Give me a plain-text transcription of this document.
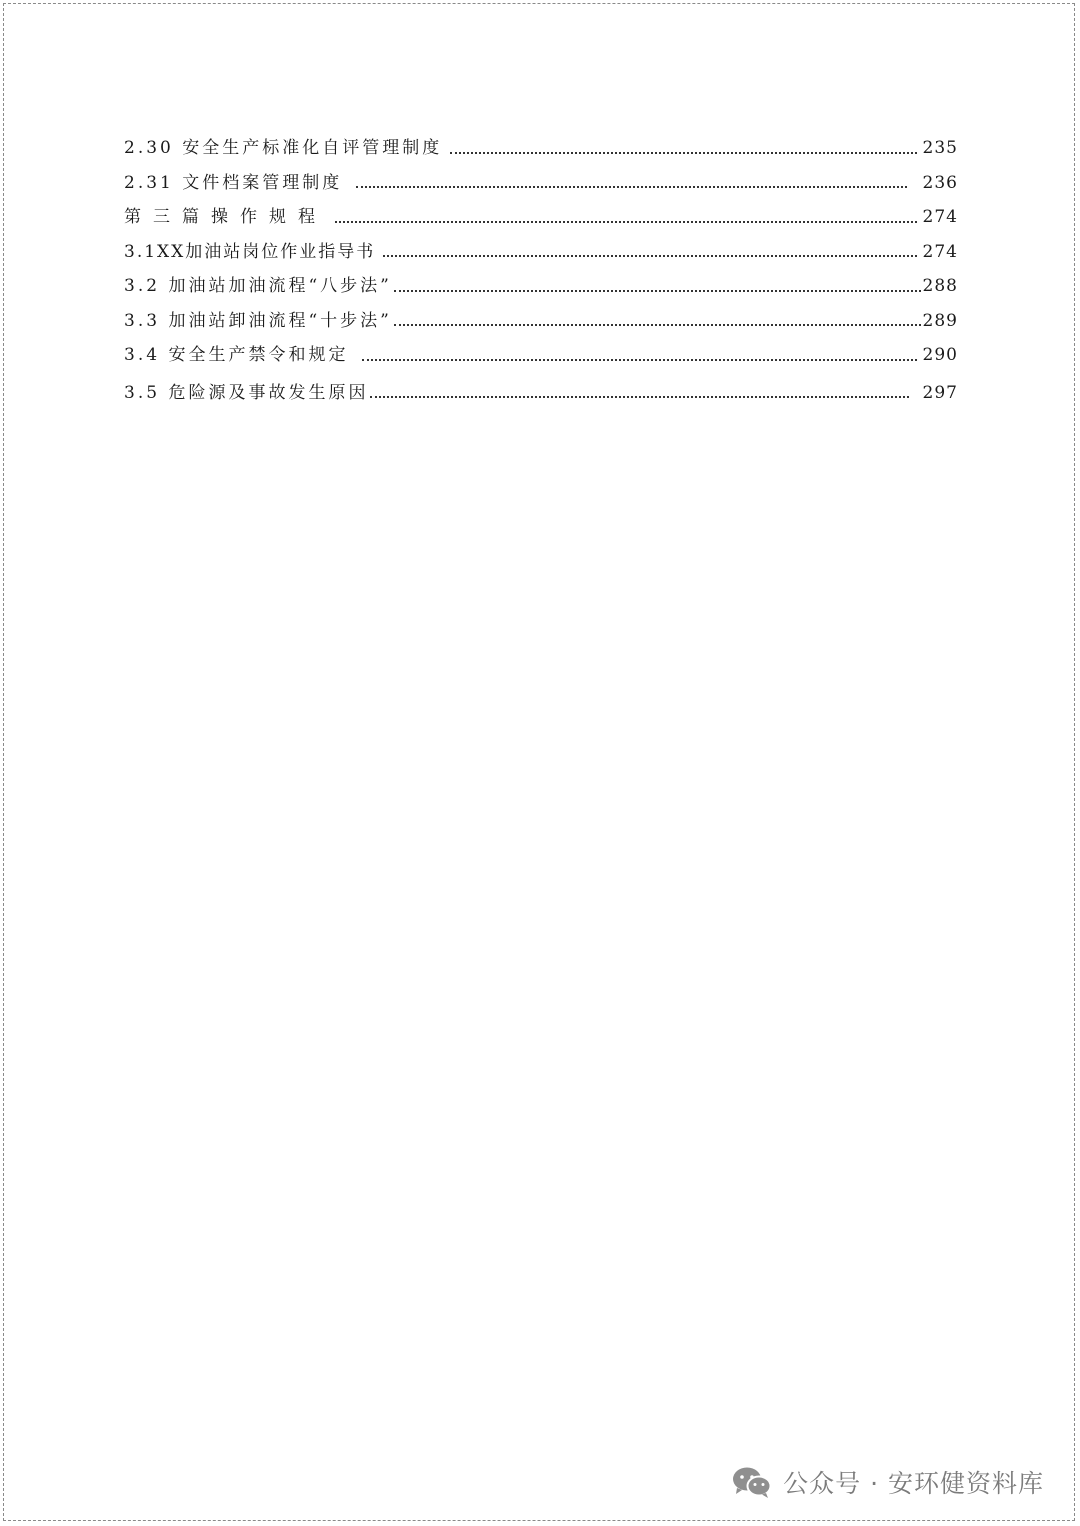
2.30 安全生产标准化自评管理制度	235
2.31 文件档案管理制度	236
第三篇操作规程	274
3.1XX加油站岗位作业指导书	274
3.2 加油站加油流程“八步法”	288
3.3 加油站卸油流程“十步法”	289
3.4 安全生产禁令和规定	290
3.5 危险源及事故发生原因	297
公众号 · 安环健资料库
